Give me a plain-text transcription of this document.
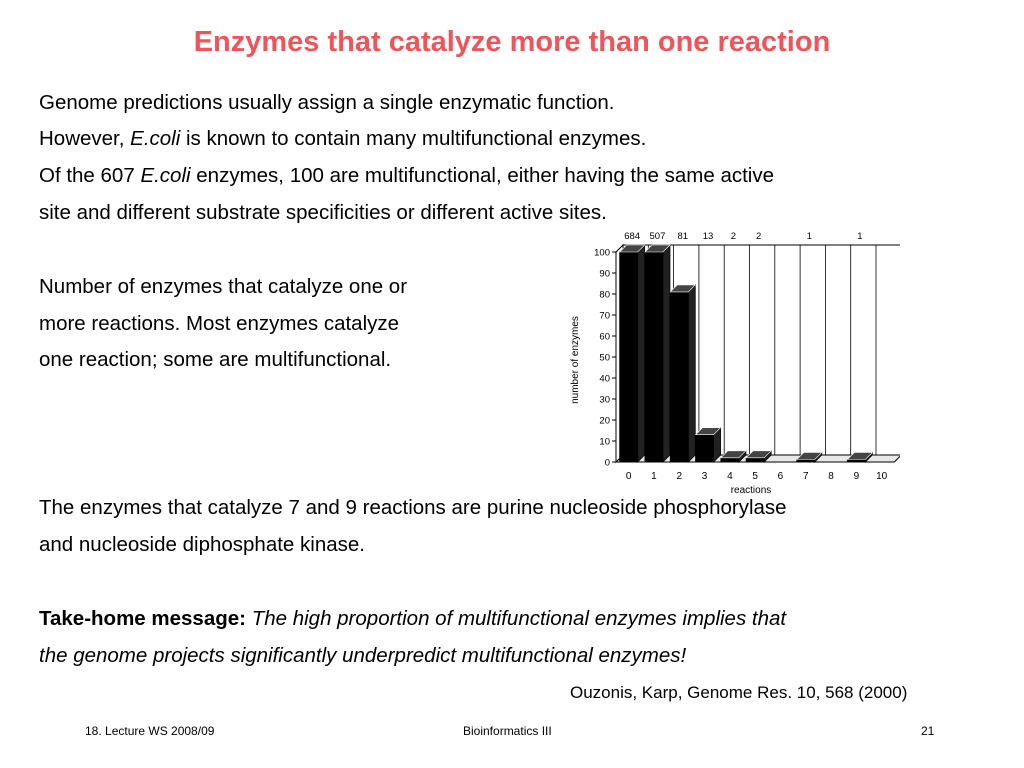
Enzymes that catalyze more than one reaction
Genome predictions usually assign a single enzymatic function.
However, E.coli is known to contain many multifunctional enzymes.
Of the 607 E.coli enzymes, 100 are multifunctional, either having the same active
site and different substrate specificities or different active sites.
Number of enzymes that catalyze one or
more reactions. Most enzymes catalyze
one reaction; some are multifunctional.
0
10
20
30
40
50
60
70
80
90
100
0
684
1
507
2
81
3
13
4
2
5
2
6 7
1
8 9
1
10
number of enzymes
reactions
The enzymes that catalyze 7 and 9 reactions are purine nucleoside phosphorylase
and nucleoside diphosphate kinase.
Take-home message: The high proportion of multifunctional enzymes implies that
the genome projects significantly underpredict multifunctional enzymes!
Ouzonis, Karp, Genome Res. 10, 568 (2000)
18. Lecture WS 2008/09	Bioinformatics III	21
